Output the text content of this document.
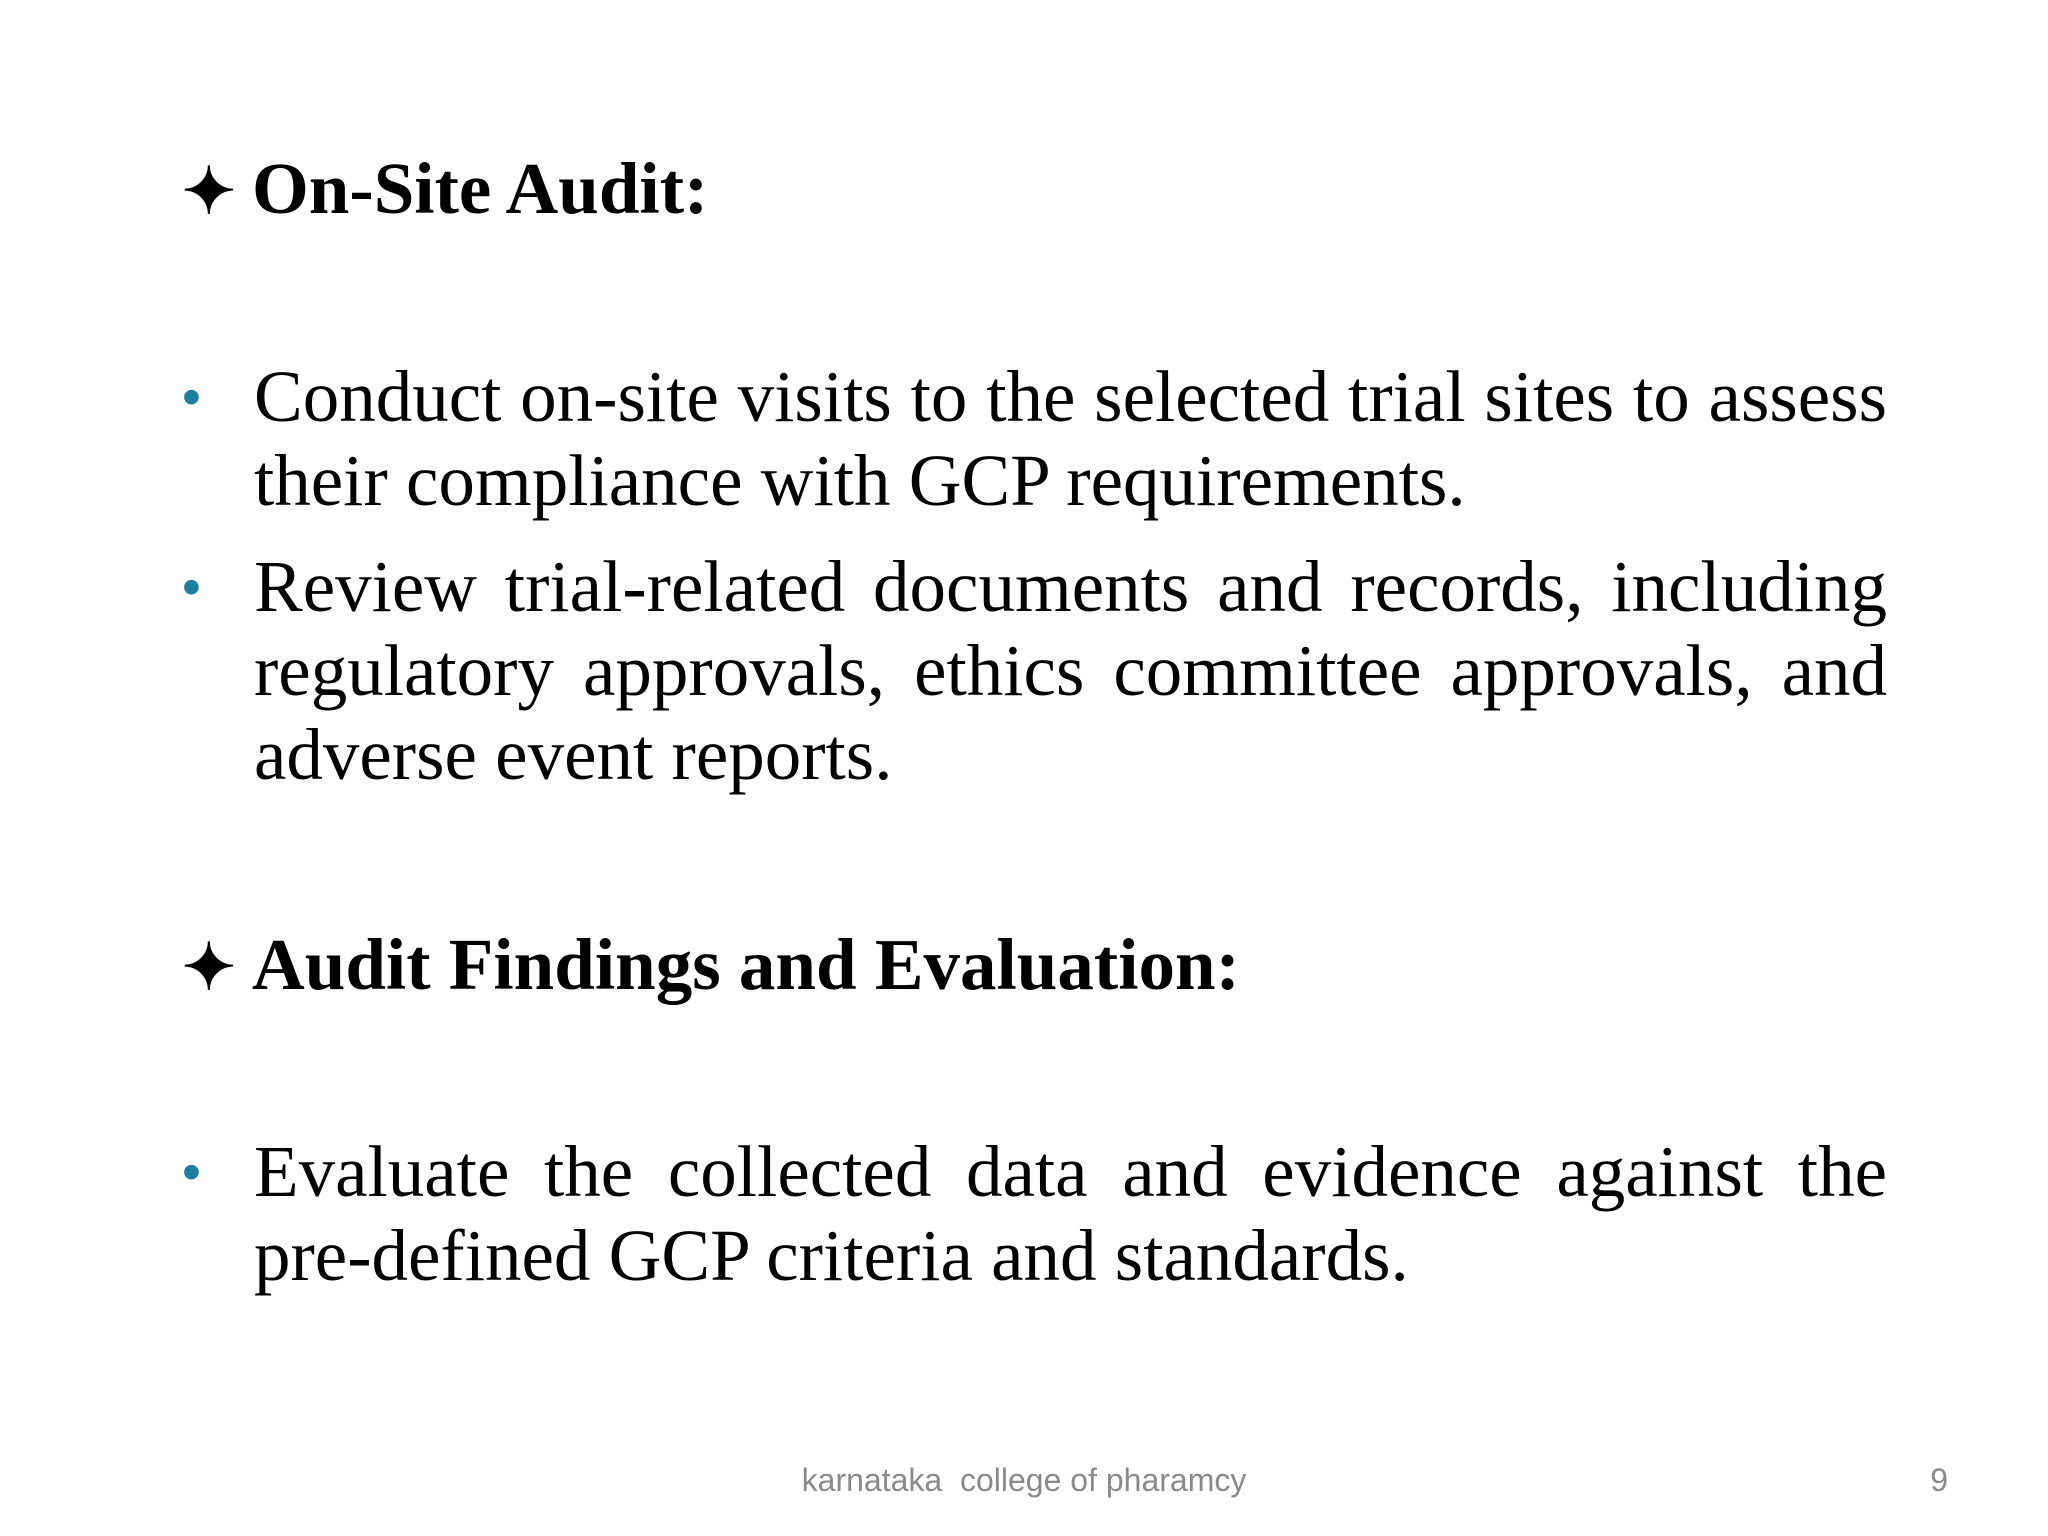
✦ On-Site Audit:
• Conduct on-site visits to the selected trial sites to assess their compliance with GCP requirements.
• Review trial-related documents and records, including regulatory approvals, ethics committee approvals, and adverse event reports.
✦ Audit Findings and Evaluation:
• Evaluate the collected data and evidence against the pre-defined GCP criteria and standards.
karnataka  college of pharamcy	9
